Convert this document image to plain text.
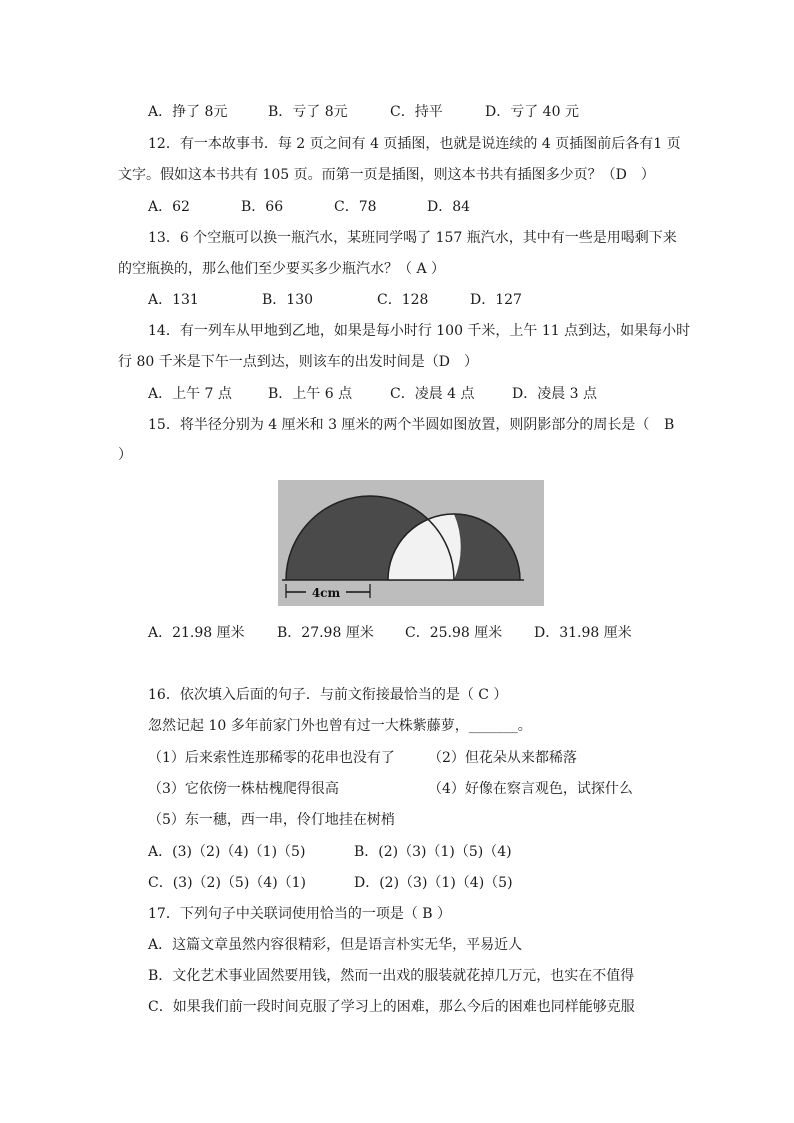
A．挣了 8元	B．亏了 8元	C．持平	D．亏了 40 元
12．有一本故事书．每 2 页之间有 4 页插图，也就是说连续的 4 页插图前后各有1 页
文字。假如这本书共有 105 页。而第一页是插图，则这本书共有插图多少页？（D　）
A．62	B．66	C．78	D．84
13．6 个空瓶可以换一瓶汽水，某班同学喝了 157 瓶汽水，其中有一些是用喝剩下来
的空瓶换的，那么他们至少要买多少瓶汽水？（ A ）
A．131	B．130	C．128	D．127
14．有一列车从甲地到乙地，如果是每小时行 100 千米，上午 11 点到达，如果每小时
行 80 千米是下午一点到达，则该车的出发时间是（D　）
A．上午 7 点	B．上午 6 点	C．凌晨 4 点	D．凌晨 3 点
15．将半径分别为 4 厘米和 3 厘米的两个半圆如图放置，则阴影部分的周长是（ B
）
4cm
A．21.98 厘米 B．27.98 厘米 C．25.98 厘米 D．31.98 厘米
16．依次填入后面的句子．与前文衔接最恰当的是（ C ）
忽然记起 10 多年前家门外也曾有过一大株紫藤萝，_______。
（1）后来索性连那稀零的花串也没有了 （2）但花朵从来都稀落
（3）它依傍一株枯槐爬得很高	（4）好像在察言观色，试探什么
（5）东一穗，西一串，伶仃地挂在树梢
A．(3)（2)（4)（1)（5)	B．(2)（3)（1)（5)（4)
C．(3)（2)（5)（4)（1)	D．(2)（3)（1)（4)（5)
17．下列句子中关联词使用恰当的一项是（ B ）
A．这篇文章虽然内容很精彩，但是语言朴实无华，平易近人
B．文化艺术事业固然要用钱，然而一出戏的服装就花掉几万元，也实在不值得
C．如果我们前一段时间克服了学习上的困难，那么今后的困难也同样能够克服
